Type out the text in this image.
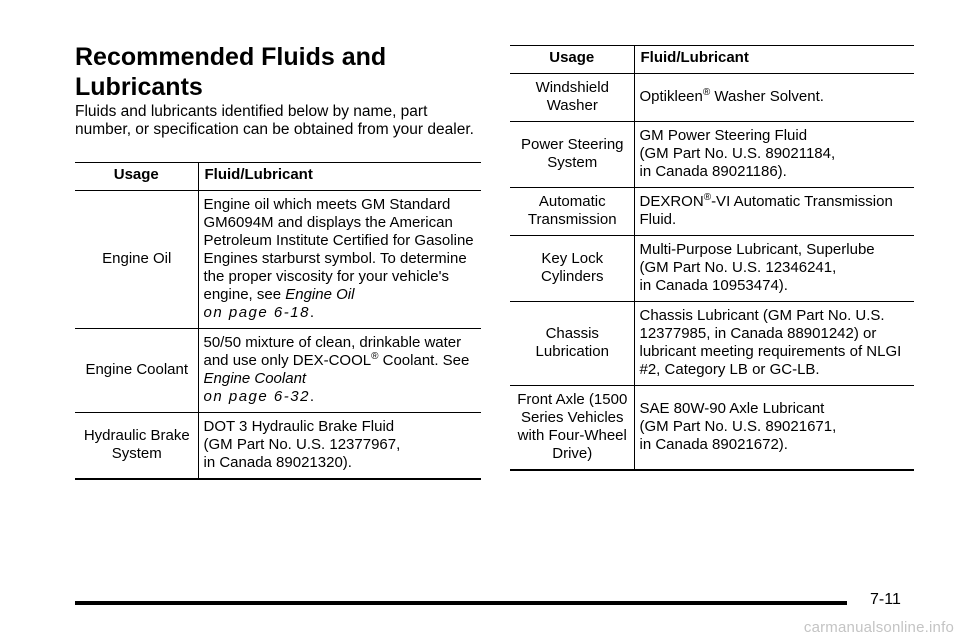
Recommended Fluids and Lubricants

Fluids and lubricants identified below by name, part number, or specification can be obtained from your dealer.

Usage	Fluid/Lubricant
Engine Oil	Engine oil which meets GM Standard GM6094M and displays the American Petroleum Institute Certified for Gasoline Engines starburst symbol. To determine the proper viscosity for your vehicle's engine, see Engine Oil
on page 6-18.
Engine Coolant	50/50 mixture of clean, drinkable water and use only DEX-COOL® Coolant. See Engine Coolant
on page 6-32.
Hydraulic Brake System	DOT 3 Hydraulic Brake Fluid
(GM Part No. U.S. 12377967,
in Canada 89021320).
Usage	Fluid/Lubricant
Windshield Washer	Optikleen® Washer Solvent.
Power Steering System	GM Power Steering Fluid
(GM Part No. U.S. 89021184,
in Canada 89021186).
Automatic Transmission	DEXRON®-VI Automatic Transmission Fluid.
Key Lock Cylinders	Multi-Purpose Lubricant, Superlube
(GM Part No. U.S. 12346241,
in Canada 10953474).
Chassis Lubrication	Chassis Lubricant (GM Part No. U.S. 12377985, in Canada 88901242) or lubricant meeting requirements of NLGI #2, Category LB or GC-LB.
Front Axle (1500 Series Vehicles with Four-Wheel Drive)	SAE 80W-90 Axle Lubricant
(GM Part No. U.S. 89021671,
in Canada 89021672).
7-11
carmanualsonline.info
